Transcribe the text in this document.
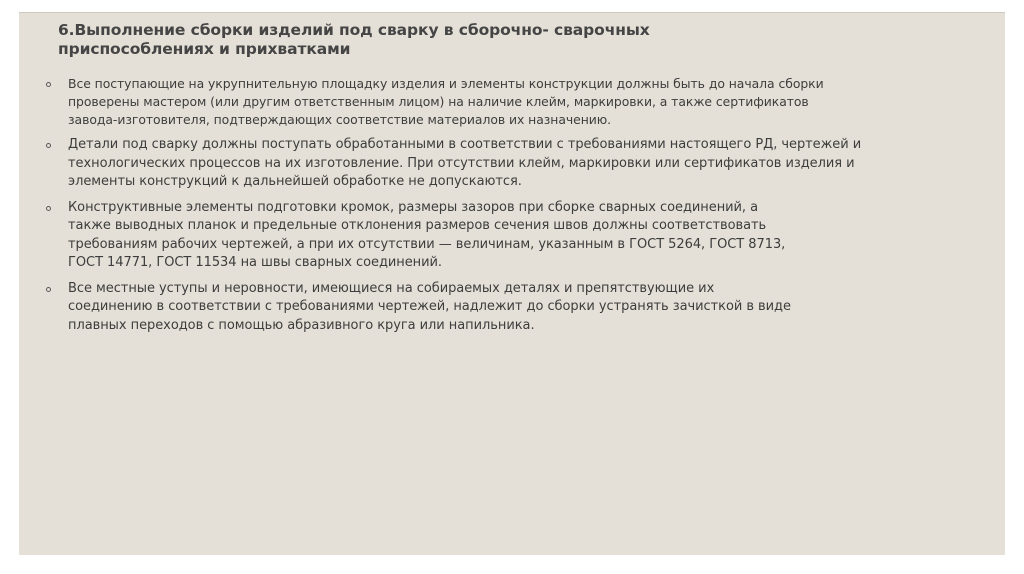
6.Выполнение сборки изделий под сварку в сборочно- сварочных
приспособлениях и прихватками
Все поступающие на укрупнительную площадку изделия и элементы конструкции должны быть до начала сборки
проверены мастером (или другим ответственным лицом) на наличие клейм, маркировки, а также сертификатов
завода-изготовителя, подтверждающих соответствие материалов их назначению.
Детали под сварку должны поступать обработанными в соответствии с требованиями настоящего РД, чертежей и
технологических процессов на их изготовление. При отсутствии клейм, маркировки или сертификатов изделия и
элементы конструкций к дальнейшей обработке не допускаются.
Конструктивные элементы подготовки кромок, размеры зазоров при сборке сварных соединений, а
также выводных планок и предельные отклонения размеров сечения швов должны соответствовать
требованиям рабочих чертежей, а при их отсутствии — величинам, указанным в ГОСТ 5264, ГОСТ 8713,
ГОСТ 14771, ГОСТ 11534 на швы сварных соединений.
Все местные уступы и неровности, имеющиеся на собираемых деталях и препятствующие их
соединению в соответствии с требованиями чертежей, надлежит до сборки устранять зачисткой в виде
плавных переходов с помощью абразивного круга или напильника.
